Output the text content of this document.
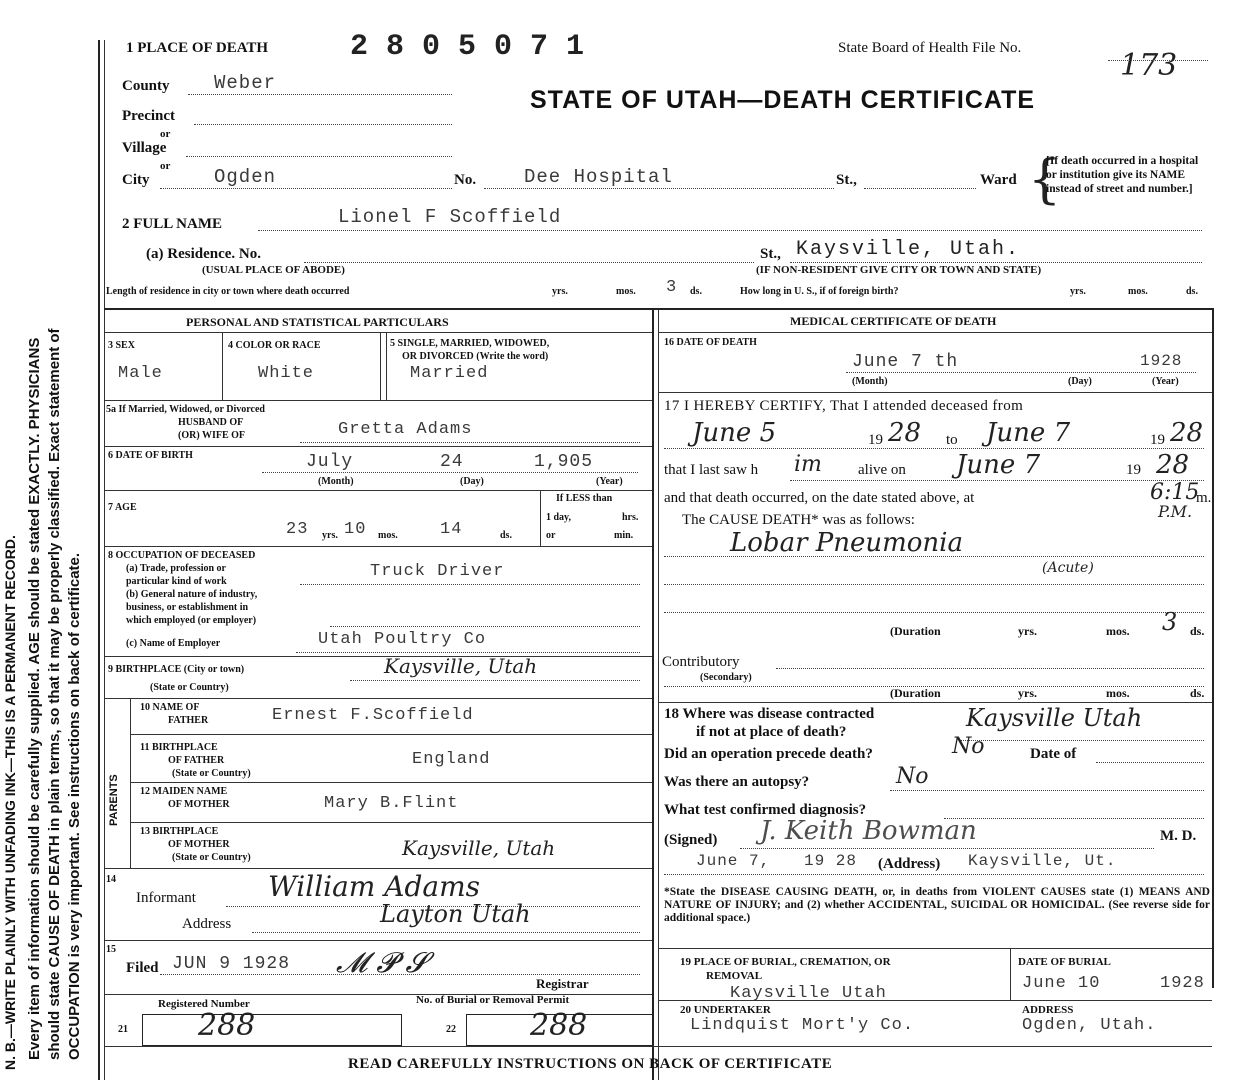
N. B.—WRITE PLAINLY WITH UNFADING INK—THIS IS A PERMANENT RECORD. Every item of information should be carefully supplied. AGE should be stated EXACTLY. PHYSICIANS should state CAUSE OF DEATH in plain terms, so that it may be properly classified. Exact statement of OCCUPATION is very important. See instructions on back of certificate.
1 PLACE OF DEATH	2805071	State Board of Health File No.	173
STATE OF UTAH—DEATH CERTIFICATE
County Weber
Precinct
or
Village
or
City	Ogden	No.	Dee Hospital	St.,	Ward {
[If death occurred in a hospital or institution give its NAME instead of street and number.]
2 FULL NAME	Lionel F Scoffield
(a) Residence. No.
(USUAL PLACE OF ABODE)
St., Kaysville, Utah.
(IF NON-RESIDENT GIVE CITY OR TOWN AND STATE)
Length of residence in city or town where death occurred	yrs.	mos. 3 ds.	How long in U. S., if of foreign birth?	yrs.	mos.	ds.
PERSONAL AND STATISTICAL PARTICULARS
3 SEX
Male
4 COLOR OR RACE
White
5 SINGLE, MARRIED, WIDOWED,
OR DIVORCED (Write the word)
Married
5a If Married, Widowed, or Divorced
HUSBAND OF
(OR) WIFE OF	Gretta Adams
6 DATE OF BIRTH	July	24	1,905
(Month)	(Day)	(Year)
7 AGE
23 yrs. 10 mos. 14	ds.
If LESS than
1 day,	hrs.
or	min.
8 OCCUPATION OF DECEASED
(a) Trade, profession or
particular kind of work
Truck Driver
(b) General nature of industry,
business, or establishment in
which employed (or employer)
(c) Name of Employer	Utah Poultry Co
9 BIRTHPLACE (City or town)
(State or Country)
Kaysville, Utah
PARENTS
10 NAME OF
FATHER	Ernest F.Scoffield
11 BIRTHPLACE
OF FATHER
(State or Country)
England
12 MAIDEN NAME
OF MOTHER	Mary B.Flint
13 BIRTHPLACE
OF MOTHER
(State or Country)	Kaysville, Utah
14
Informant	William Adams
Address	Layton Utah
15
Filed JUN 9 1928 𝓜 𝓟 𝓢
Registrar
Registered Number	No. of Burial or Removal Permit
21 288	22 288
MEDICAL CERTIFICATE OF DEATH
16 DATE OF DEATH
June 7 th	1928
(Month)	(Day)	(Year)
17 I HEREBY CERTIFY, That I attended deceased from
June 5	19 28 to June 7	19 28
that I last saw h im alive on June 7	19 28
and that death occurred, on the date stated above, at	6:15
m.
P.M.
The CAUSE DEATH* was as follows:
Lobar Pneumonia
(Acute)
(Duration	yrs.	mos. 3 ds.
Contributory
(Secondary)
(Duration	yrs.	mos.	ds.
18 Where was disease contracted
if not at place of death?	Kaysville Utah
Did an operation precede death?	No	Date of
Was there an autopsy?	No
What test confirmed diagnosis?
(Signed) J. Keith Bowman	M. D.
June 7, 19 28 (Address) Kaysville, Ut.
*State the DISEASE CAUSING DEATH, or, in deaths from VIOLENT CAUSES state (1) MEANS AND NATURE OF INJURY; and (2) whether ACCIDENTAL, SUICIDAL OR HOMICIDAL. (See reverse side for additional space.)
19 PLACE OF BURIAL, CREMATION, OR
REMOVAL
Kaysville Utah
DATE OF BURIAL
June 10	1928
20 UNDERTAKER
Lindquist Mort'y Co.
ADDRESS
Ogden, Utah.
READ CAREFULLY INSTRUCTIONS ON BACK OF CERTIFICATE
